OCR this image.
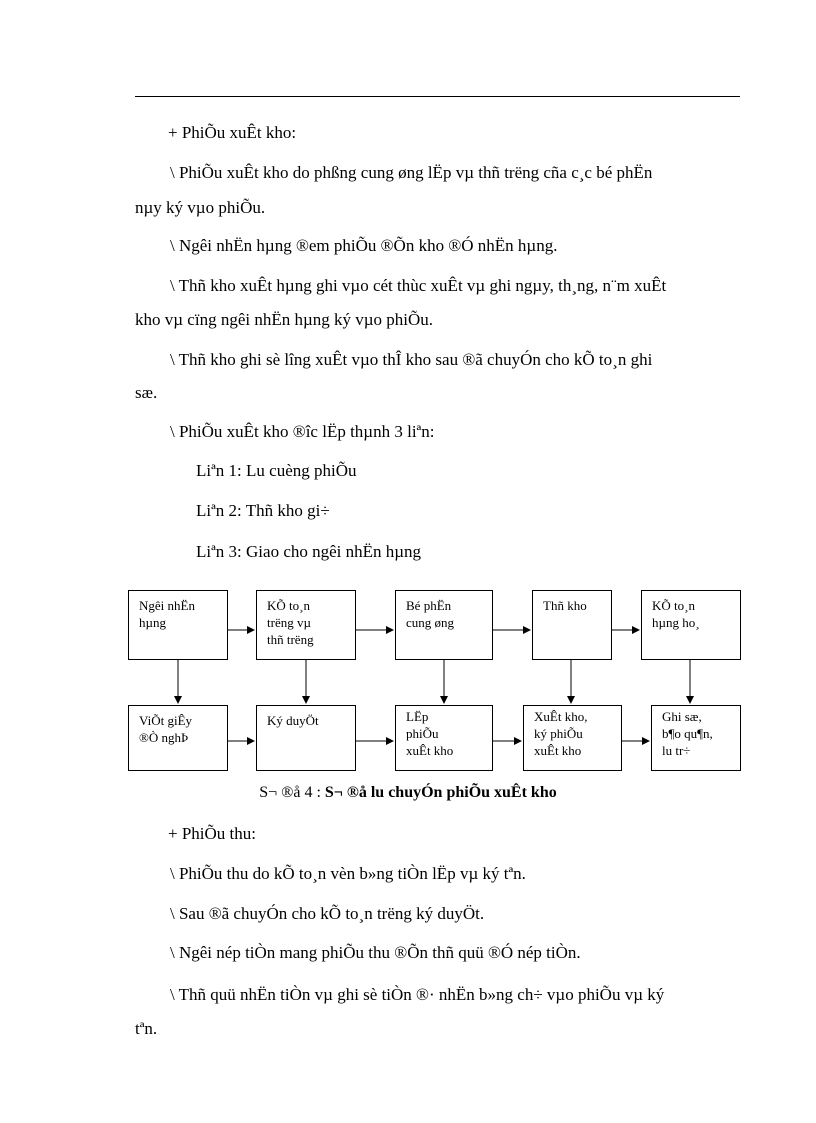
+ PhiÕu xuÊt kho:
\ PhiÕu xuÊt kho do phßng cung øng lËp vµ thñ trëng cña c¸c bé phËn
nµy ký vµo phiÕu.
\ Ngêi nhËn hµng ®em phiÕu ®Õn kho ®Ó nhËn hµng.
\ Thñ kho xuÊt hµng ghi vµo cét thùc xuÊt vµ ghi ngµy, th¸ng, n¨m xuÊt
kho vµ cïng ngêi nhËn hµng ký vµo phiÕu.
\ Thñ kho ghi sè lîng xuÊt vµo thÎ kho sau ®ã chuyÓn cho kÕ to¸n ghi
sæ.
\ PhiÕu xuÊt kho ®îc lËp thµnh 3 liªn:
Liªn 1: Lu cuèng phiÕu
Liªn 2: Thñ kho gi÷
Liªn 3: Giao cho ngêi nhËn hµng
Ngêi nhËn
hµng
KÕ to¸n
trëng vµ
thñ trëng
Bé phËn
cung øng
Thñ kho	KÕ to¸n
hµng ho¸
ViÕt giÊy
®Ò nghÞ
Ký duyÖt	LËp
phiÕu
xuÊt kho
XuÊt kho,
ký phiÕu
xuÊt kho
Ghi sæ,
b¶o qu¶n,
lu tr÷
S¬ ®å 4 : S¬ ®å lu chuyÓn phiÕu xuÊt kho
+ PhiÕu thu:
\ PhiÕu thu do kÕ to¸n vèn b»ng tiÒn lËp vµ ký tªn.
\ Sau ®ã chuyÓn cho kÕ to¸n trëng ký duyÖt.
\ Ngêi nép tiÒn mang phiÕu thu ®Õn thñ quü ®Ó nép tiÒn.
\ Thñ quü nhËn tiÒn vµ ghi sè tiÒn ®· nhËn b»ng ch÷ vµo phiÕu vµ ký
tªn.
